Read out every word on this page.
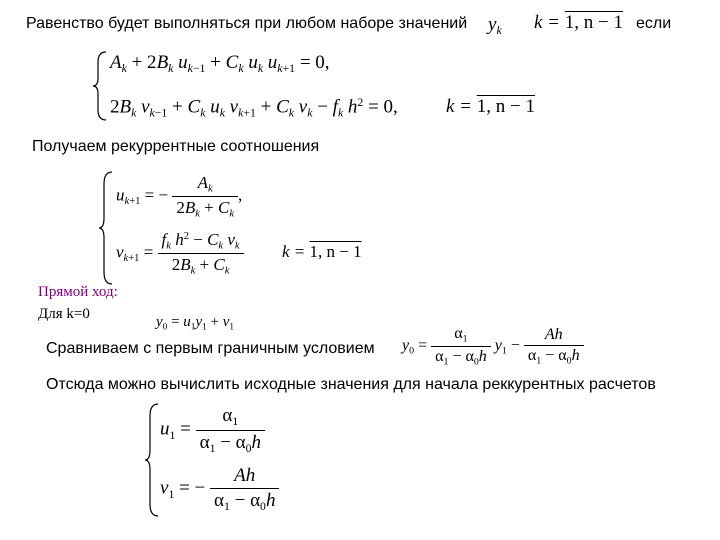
Равенство будет выполняться при любом наборе значений $y_k$ k = 1, n − 1 если
$A_k + 2B_k$ $u_{k-1} + C_k$ $u_k$ $u_{k+1} = 0$,
$2B_k$ $v_{k-1} + C_k$ $u_k$ $v_{k+1} + C_k$ $v_k - f_k$ $h^2 = 0$,	k = 1, n − 1
Получаем рекуррентные соотношения
$u_{k+1}$ = − $\frac{A_k}{2B_k + C_k}$ ,
$v_{k+1} = \frac{f_k h^2 - C_k v_k}{2B_k + C_k}$ k = 1, n − 1
Прямой ход:
Для k=0	$y_0 = u_1y_1 + v_1$
Сравниваем с первым граничным условием $y_0 = \frac{\alpha_1}{\alpha_1 - \alpha_0h} y_1 - \frac{Ah}{\alpha_1 - \alpha_0h}$
Отсюда можно вычислить исходные значения для начала реккурентных расчетов
$u_1 = \frac{\alpha_1}{\alpha_1 - \alpha_0h}$
$v_1$ = − $\frac{Ah}{\alpha_1 - \alpha_0h}$
